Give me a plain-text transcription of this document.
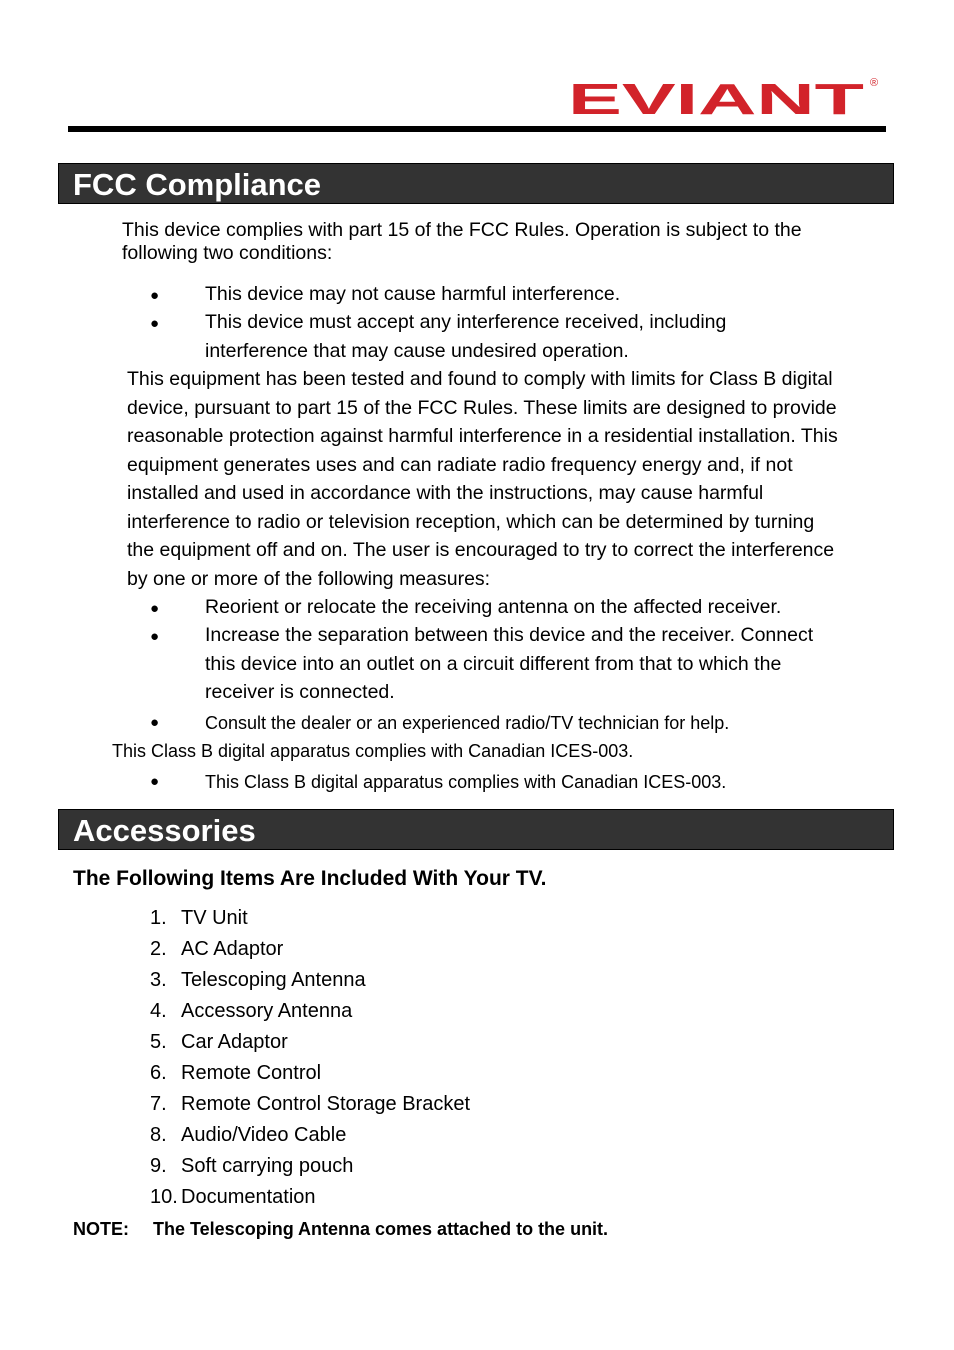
EVIANT ®
FCC Compliance
This device complies with part 15 of the FCC Rules. Operation is subject to the
following two conditions:
● This device may not cause harmful interference.
● This device must accept any interference received, including
interference that may cause undesired operation.
This equipment has been tested and found to comply with limits for Class B digital
device, pursuant to part 15 of the FCC Rules. These limits are designed to provide
reasonable protection against harmful interference in a residential installation. This
equipment generates uses and can radiate radio frequency energy and, if not
installed and used in accordance with the instructions, may cause harmful
interference to radio or television reception, which can be determined by turning
the equipment off and on. The user is encouraged to try to correct the interference
by one or more of the following measures:
● Reorient or relocate the receiving antenna on the affected receiver.
● Increase the separation between this device and the receiver. Connect
this device into an outlet on a circuit different from that to which the
receiver is connected.
●	Consult the dealer or an experienced radio/TV technician for help.
This Class B digital apparatus complies with Canadian ICES-003.
●	This Class B digital apparatus complies with Canadian ICES-003.
Accessories
The Following Items Are Included With Your TV.
1. TV Unit
2. AC Adaptor
3. Telescoping Antenna
4. Accessory Antenna
5. Car Adaptor
6. Remote Control
7. Remote Control Storage Bracket
8. Audio/Video Cable
9. Soft carrying pouch
10. Documentation
NOTE: The Telescoping Antenna comes attached to the unit.
